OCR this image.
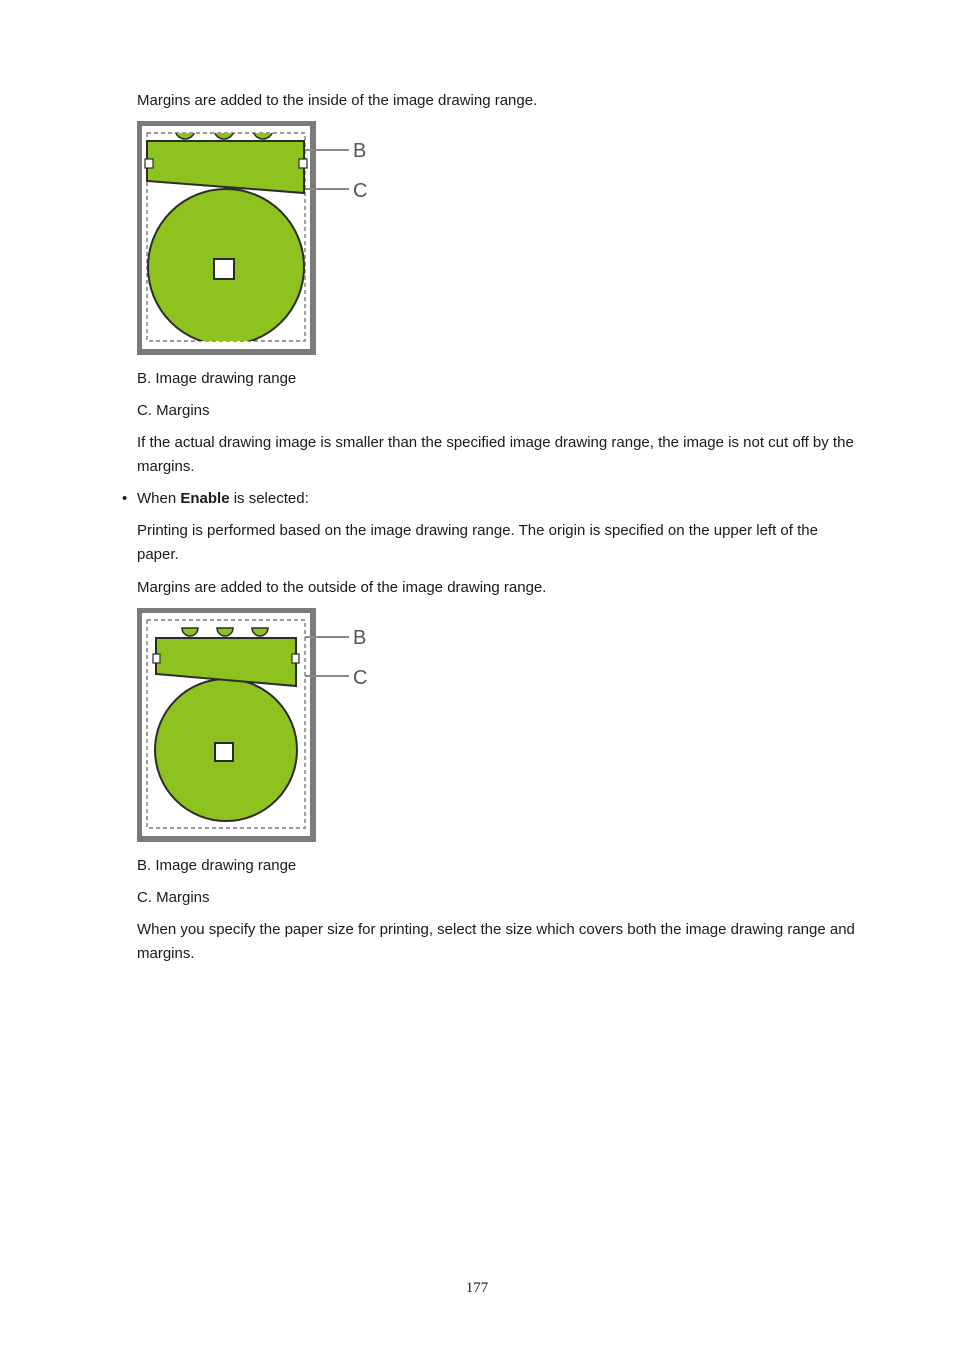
Margins are added to the inside of the image drawing range.

B
C

B. Image drawing range

C. Margins

If the actual drawing image is smaller than the specified image drawing range, the image is not cut off by the margins.

• When Enable is selected:

Printing is performed based on the image drawing range. The origin is specified on the upper left of the paper.

Margins are added to the outside of the image drawing range.

B
C

B. Image drawing range

C. Margins

When you specify the paper size for printing, select the size which covers both the image drawing range and margins.

177
